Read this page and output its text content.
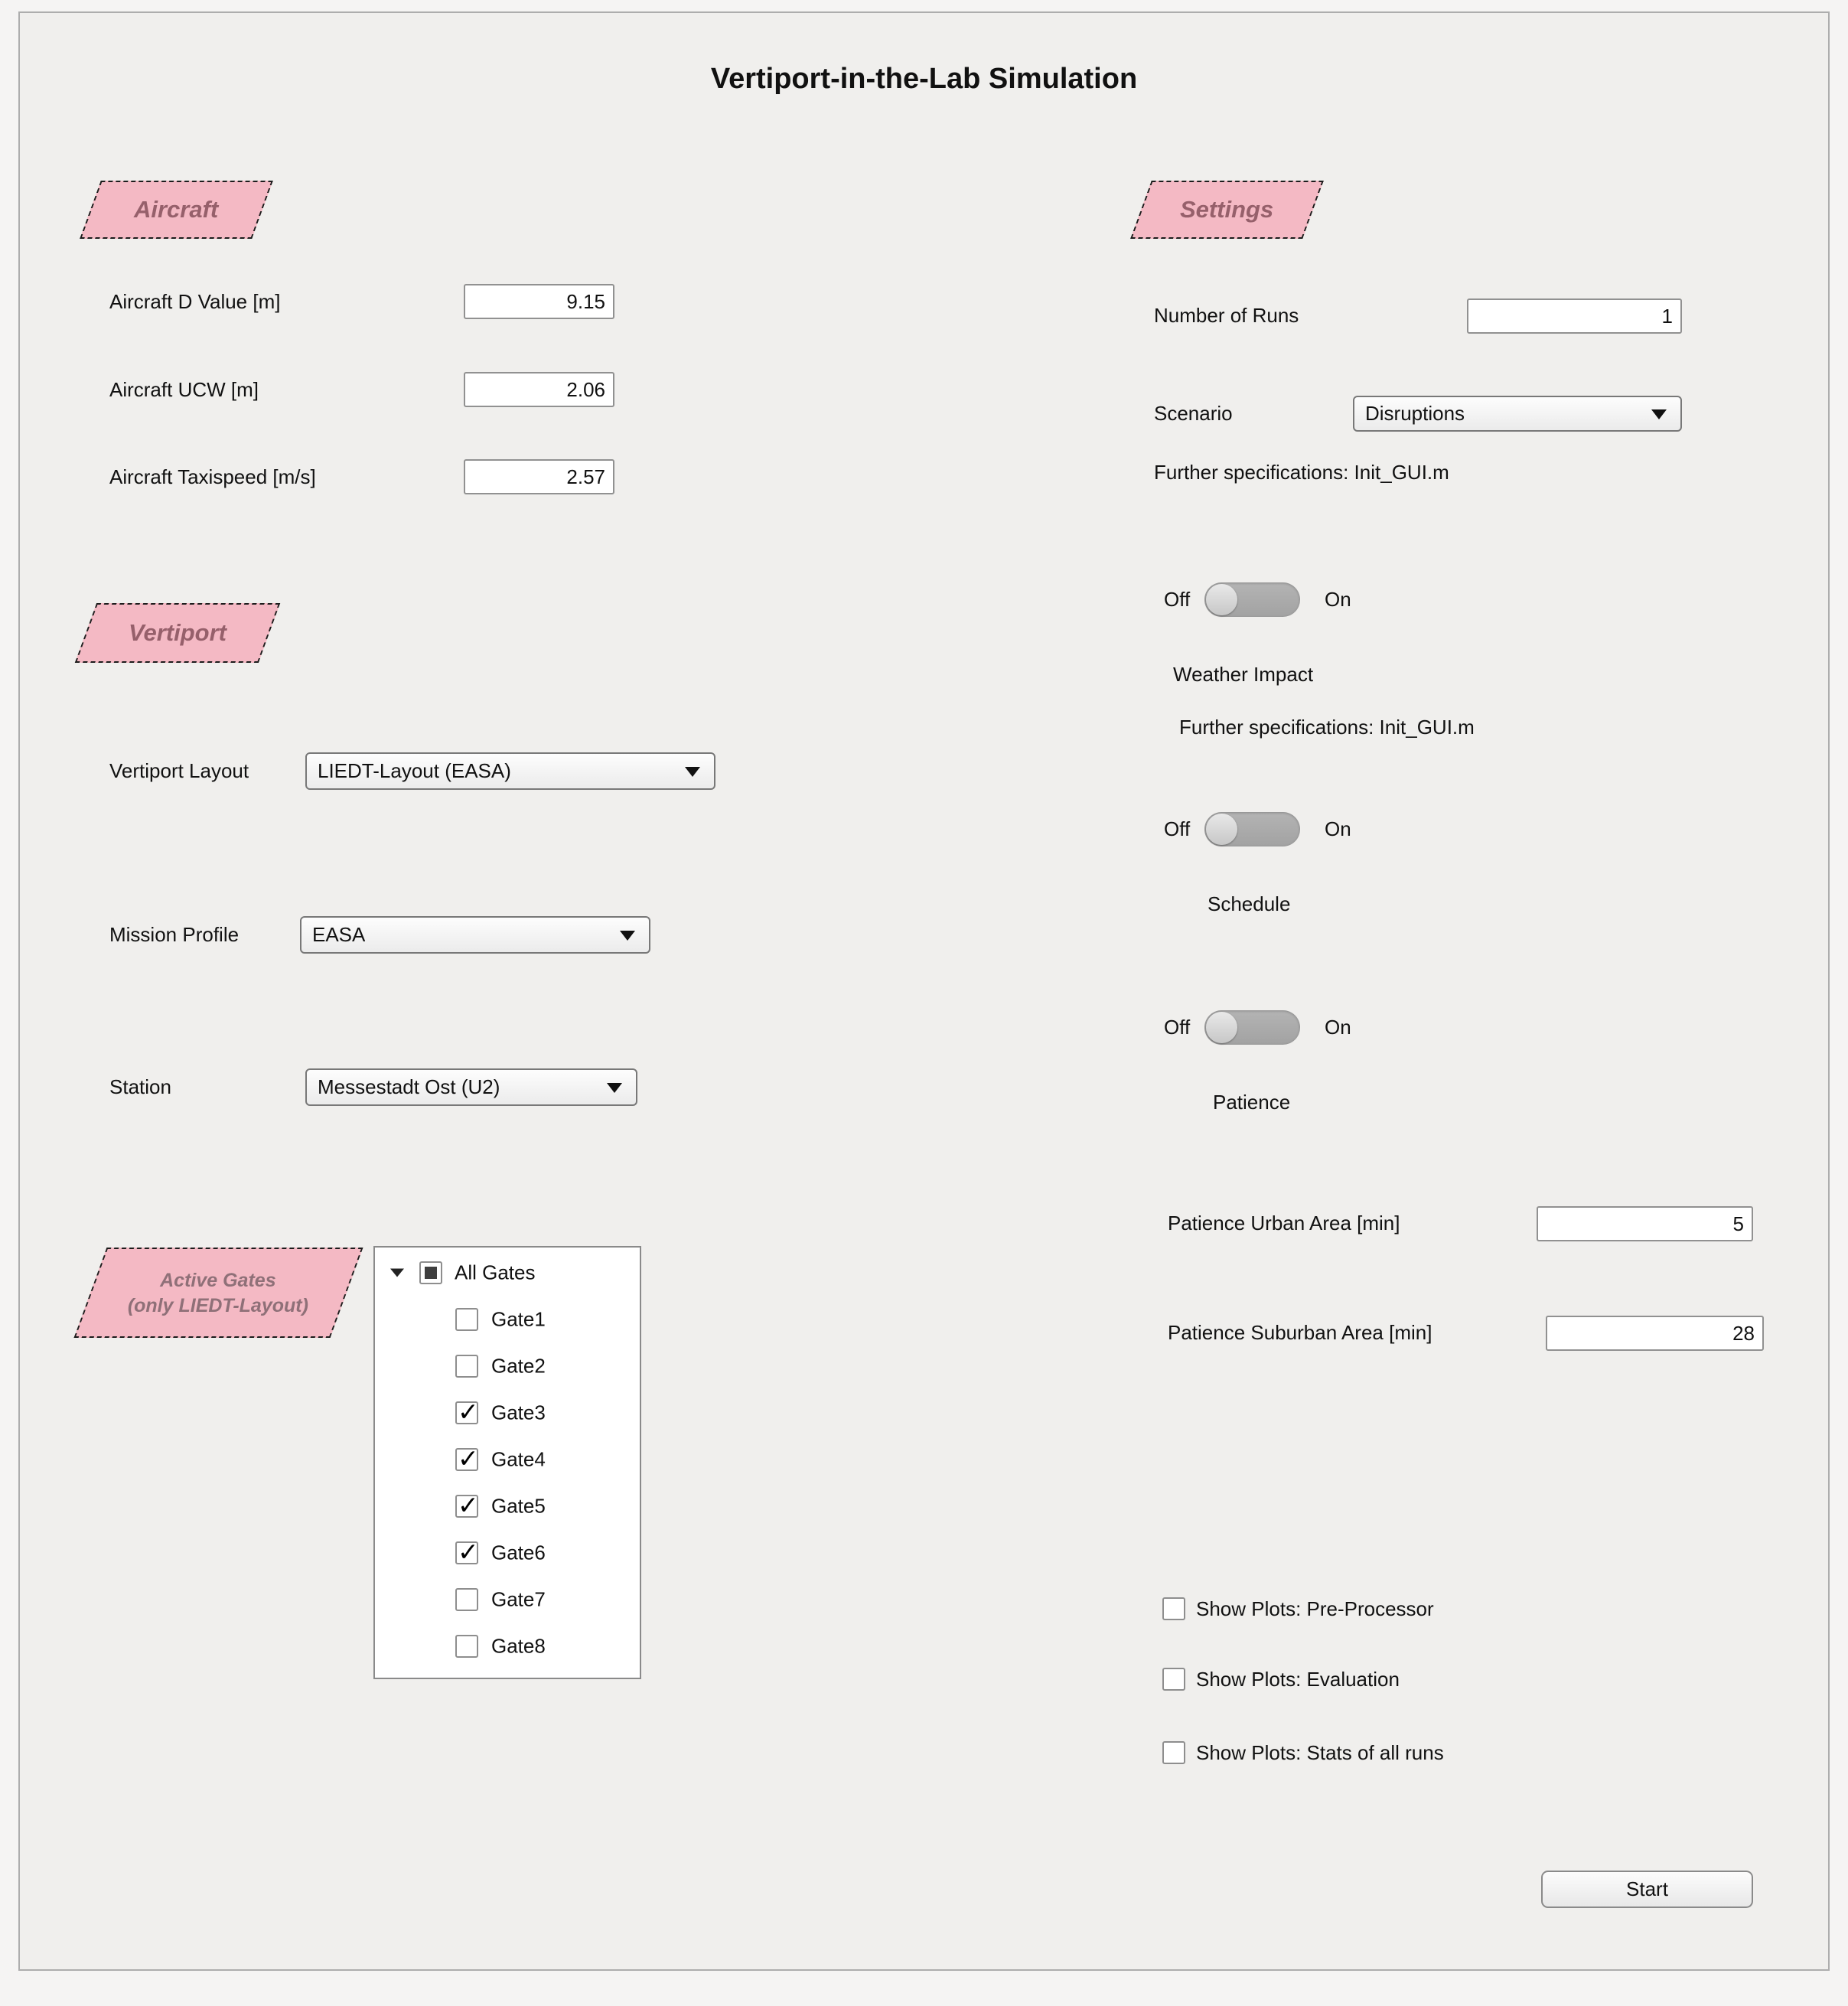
Vertiport-in-the-Lab Simulation
Aircraft
Aircraft D Value [m]
9.15
Aircraft UCW [m]
2.06
Aircraft Taxispeed [m/s]
2.57
Vertiport
Vertiport Layout	LIEDT-Layout (EASA)
Mission Profile	EASA
Station	Messestadt Ost (U2)
Active Gates
(only LIEDT-Layout)
All Gates
Gate1
Gate2
✓
Gate3
✓
Gate4
✓
Gate5
✓
Gate6
Gate7
Gate8
Settings
Number of Runs
1
Scenario	Disruptions
Further specifications: Init_GUI.m
Off	On
Weather Impact
Further specifications: Init_GUI.m
Off	On
Schedule
Off	On
Patience
Patience Urban Area [min]
5
Patience Suburban Area [min]
28
Show Plots: Pre-Processor
Show Plots: Evaluation
Show Plots: Stats of all runs
Start
